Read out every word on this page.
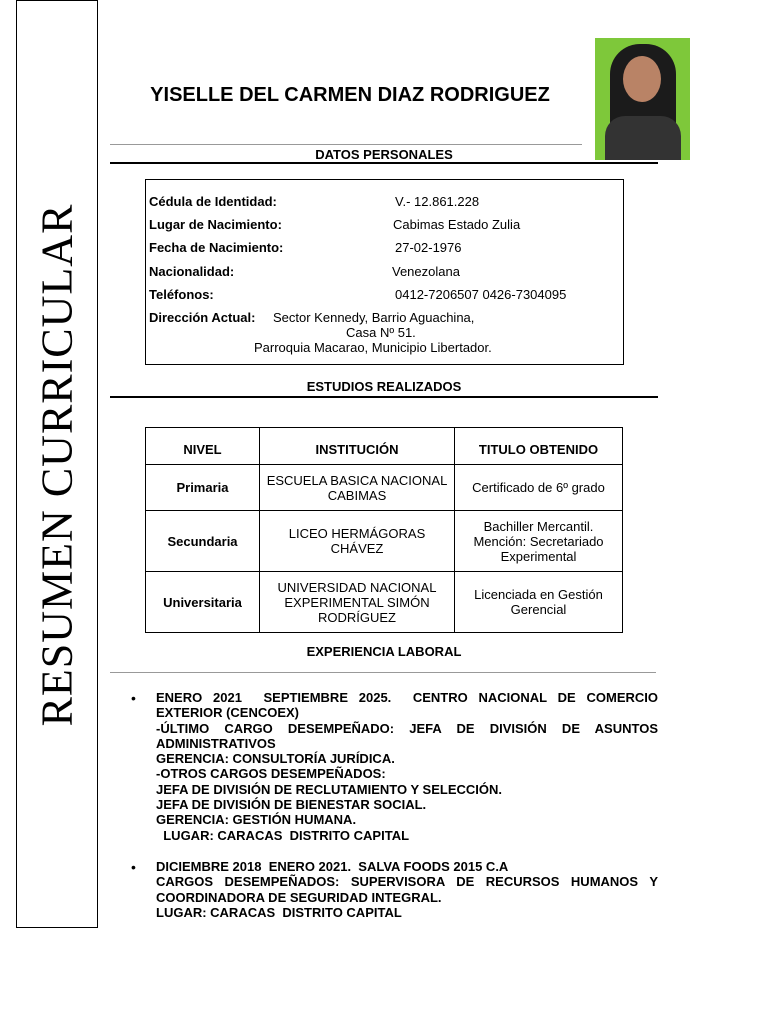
RESUMEN CURRICULAR
YISELLE DEL CARMEN DIAZ RODRIGUEZ
DATOS PERSONALES
Cédula de Identidad:	V.- 12.861.228
Lugar de Nacimiento:	Cabimas Estado Zulia
Fecha de Nacimiento:	27-02-1976
Nacionalidad:	Venezolana
Teléfonos:	0412-7206507 0426-7304095
Dirección Actual: Sector Kennedy, Barrio Aguachina,
Casa Nº 51.
Parroquia Macarao, Municipio Libertador.
ESTUDIOS REALIZADOS
NIVEL	INSTITUCIÓN	TITULO OBTENIDO
Primaria	ESCUELA BASICA NACIONAL CABIMAS	Certificado de 6º grado
Secundaria	LICEO HERMÁGORAS CHÁVEZ	Bachiller Mercantil. Mención: Secretariado Experimental
Universitaria	UNIVERSIDAD NACIONAL EXPERIMENTAL SIMÓN RODRÍGUEZ	Licenciada en Gestión Gerencial
EXPERIENCIA LABORAL
• ENERO 2021  SEPTIEMBRE 2025.  CENTRO NACIONAL DE COMERCIO EXTERIOR (CENCOEX)
-ÚLTIMO CARGO DESEMPEÑADO: JEFA DE DIVISIÓN DE ASUNTOS ADMINISTRATIVOS
GERENCIA: CONSULTORÍA JURÍDICA.
-OTROS CARGOS DESEMPEÑADOS:
JEFA DE DIVISIÓN DE RECLUTAMIENTO Y SELECCIÓN.
JEFA DE DIVISIÓN DE BIENESTAR SOCIAL.
GERENCIA: GESTIÓN HUMANA.
LUGAR: CARACAS  DISTRITO CAPITAL
• DICIEMBRE 2018  ENERO 2021.  SALVA FOODS 2015 C.A
CARGOS DESEMPEÑADOS: SUPERVISORA DE RECURSOS HUMANOS Y COORDINADORA DE SEGURIDAD INTEGRAL.
LUGAR: CARACAS  DISTRITO CAPITAL
